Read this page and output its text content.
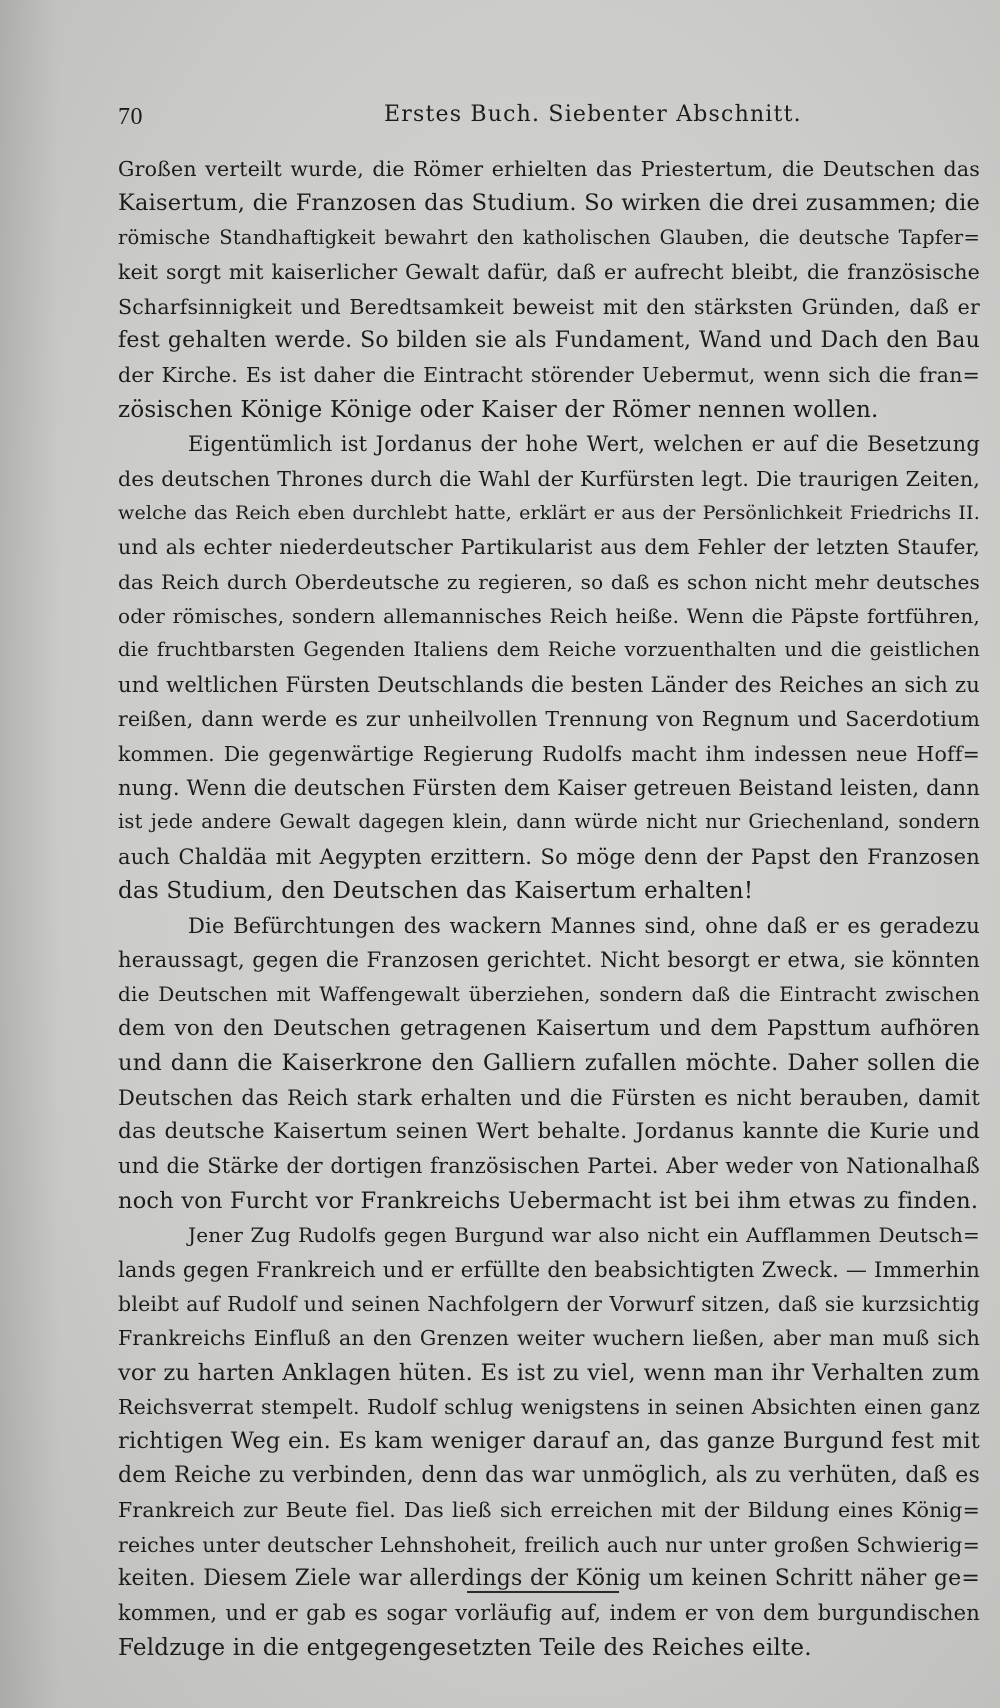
70	Erstes Buch. Siebenter Abschnitt.

Großen verteilt wurde, die Römer erhielten das Priestertum, die Deutschen das
Kaisertum, die Franzosen das Studium. So wirken die drei zusammen; die
römische Standhaftigkeit bewahrt den katholischen Glauben, die deutsche Tapfer=
keit sorgt mit kaiserlicher Gewalt dafür, daß er aufrecht bleibt, die französische
Scharfsinnigkeit und Beredtsamkeit beweist mit den stärksten Gründen, daß er
fest gehalten werde. So bilden sie als Fundament, Wand und Dach den Bau
der Kirche. Es ist daher die Eintracht störender Uebermut, wenn sich die fran=
zösischen Könige Könige oder Kaiser der Römer nennen wollen.

Eigentümlich ist Jordanus der hohe Wert, welchen er auf die Besetzung
des deutschen Thrones durch die Wahl der Kurfürsten legt. Die traurigen Zeiten,
welche das Reich eben durchlebt hatte, erklärt er aus der Persönlichkeit Friedrichs II.
und als echter niederdeutscher Partikularist aus dem Fehler der letzten Staufer,
das Reich durch Oberdeutsche zu regieren, so daß es schon nicht mehr deutsches
oder römisches, sondern allemannisches Reich heiße. Wenn die Päpste fortführen,
die fruchtbarsten Gegenden Italiens dem Reiche vorzuenthalten und die geistlichen
und weltlichen Fürsten Deutschlands die besten Länder des Reiches an sich zu
reißen, dann werde es zur unheilvollen Trennung von Regnum und Sacerdotium
kommen. Die gegenwärtige Regierung Rudolfs macht ihm indessen neue Hoff=
nung. Wenn die deutschen Fürsten dem Kaiser getreuen Beistand leisten, dann
ist jede andere Gewalt dagegen klein, dann würde nicht nur Griechenland, sondern
auch Chaldäa mit Aegypten erzittern. So möge denn der Papst den Franzosen
das Studium, den Deutschen das Kaisertum erhalten!

Die Befürchtungen des wackern Mannes sind, ohne daß er es geradezu
heraussagt, gegen die Franzosen gerichtet. Nicht besorgt er etwa, sie könnten
die Deutschen mit Waffengewalt überziehen, sondern daß die Eintracht zwischen
dem von den Deutschen getragenen Kaisertum und dem Papsttum aufhören
und dann die Kaiserkrone den Galliern zufallen möchte. Daher sollen die
Deutschen das Reich stark erhalten und die Fürsten es nicht berauben, damit
das deutsche Kaisertum seinen Wert behalte. Jordanus kannte die Kurie und
und die Stärke der dortigen französischen Partei. Aber weder von Nationalhaß
noch von Furcht vor Frankreichs Uebermacht ist bei ihm etwas zu finden.

Jener Zug Rudolfs gegen Burgund war also nicht ein Aufflammen Deutsch=
lands gegen Frankreich und er erfüllte den beabsichtigten Zweck. — Immerhin
bleibt auf Rudolf und seinen Nachfolgern der Vorwurf sitzen, daß sie kurzsichtig
Frankreichs Einfluß an den Grenzen weiter wuchern ließen, aber man muß sich
vor zu harten Anklagen hüten. Es ist zu viel, wenn man ihr Verhalten zum
Reichsverrat stempelt. Rudolf schlug wenigstens in seinen Absichten einen ganz
richtigen Weg ein. Es kam weniger darauf an, das ganze Burgund fest mit
dem Reiche zu verbinden, denn das war unmöglich, als zu verhüten, daß es
Frankreich zur Beute fiel. Das ließ sich erreichen mit der Bildung eines König=
reiches unter deutscher Lehnshoheit, freilich auch nur unter großen Schwierig=
keiten. Diesem Ziele war allerdings der König um keinen Schritt näher ge=
kommen, und er gab es sogar vorläufig auf, indem er von dem burgundischen
Feldzuge in die entgegengesetzten Teile des Reiches eilte.
